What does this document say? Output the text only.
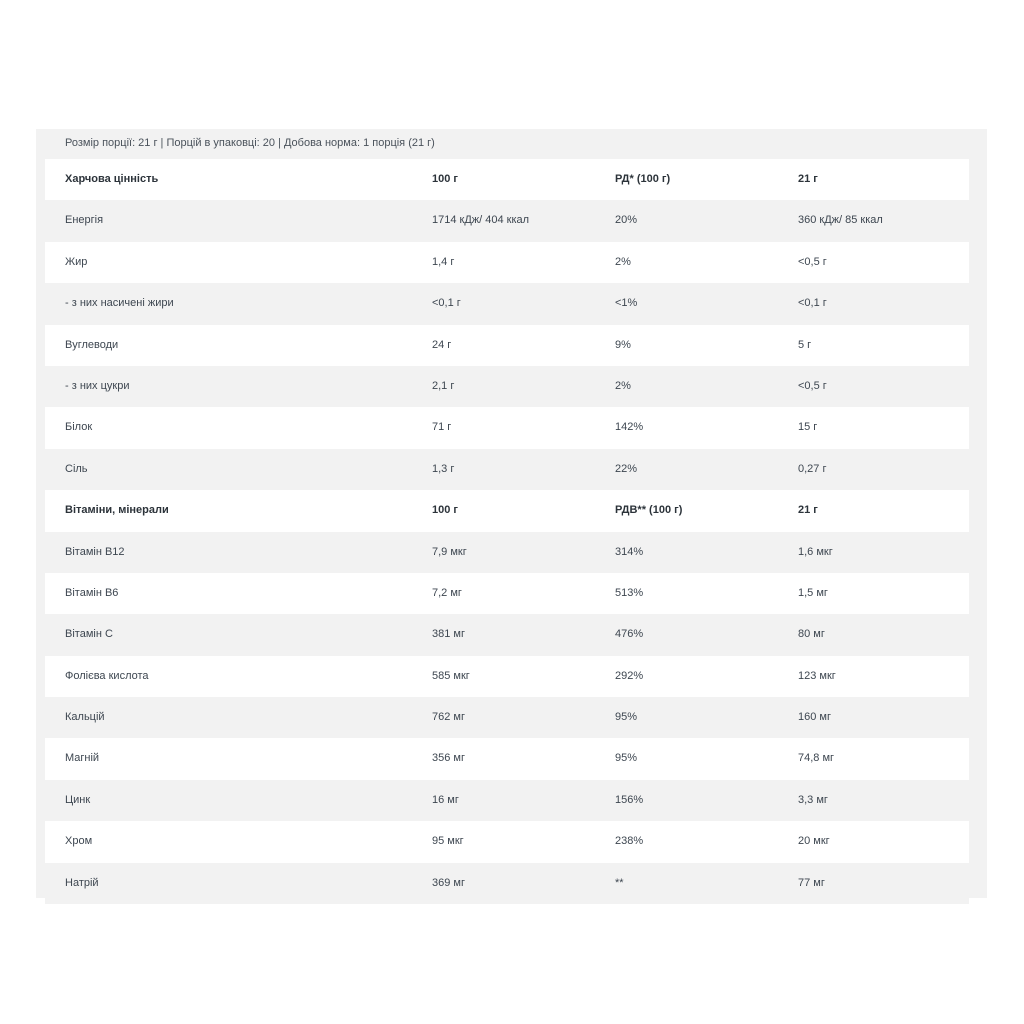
Розмір порції: 21 г | Порцій в упаковці: 20 | Добова норма: 1 порція (21 г)
Харчова цінність	100 г	РД* (100 г)	21 г
Енергія	1714 кДж/ 404 ккал	20%	360 кДж/ 85 ккал
Жир	1,4 г	2%	<0,5 г
- з них насичені жири	<0,1 г	<1%	<0,1 г
Вуглеводи	24 г	9%	5 г
- з них цукри	2,1 г	2%	<0,5 г
Білок	71 г	142%	15 г
Сіль	1,3 г	22%	0,27 г
Вітаміни, мінерали	100 г	РДВ** (100 г)	21 г
Вітамін B12	7,9 мкг	314%	1,6 мкг
Вітамін B6	7,2 мг	513%	1,5 мг
Вітамін C	381 мг	476%	80 мг
Фолієва кислота	585 мкг	292%	123 мкг
Кальцій	762 мг	95%	160 мг
Магній	356 мг	95%	74,8 мг
Цинк	16 мг	156%	3,3 мг
Хром	95 мкг	238%	20 мкг
Натрій	369 мг	**	77 мг
